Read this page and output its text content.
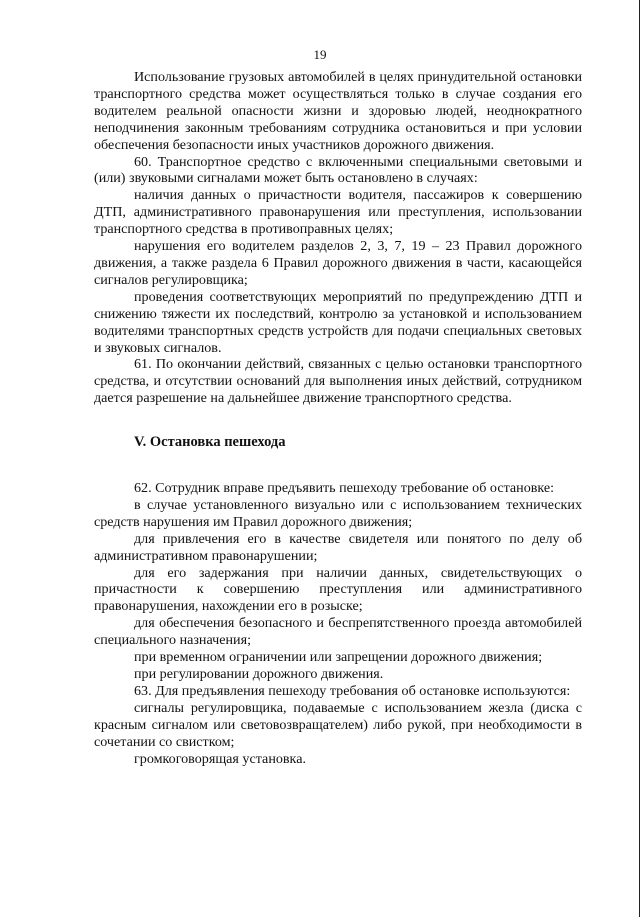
19

Использование грузовых автомобилей в целях принудительной остановки транспортного средства может осуществляться только в случае создания его водителем реальной опасности жизни и здоровью людей, неоднократного неподчинения законным требованиям сотрудника остановиться и при условии обеспечения безопасности иных участников дорожного движения.

60. Транспортное средство с включенными специальными световыми и (или) звуковыми сигналами может быть остановлено в случаях:

наличия данных о причастности водителя, пассажиров к совершению ДТП, административного правонарушения или преступления, использовании транспортного средства в противоправных целях;

нарушения его водителем разделов 2, 3, 7, 19 – 23 Правил дорожного движения, а также раздела 6 Правил дорожного движения в части, касающейся сигналов регулировщика;

проведения соответствующих мероприятий по предупреждению ДТП и снижению тяжести их последствий, контролю за установкой и использованием водителями транспортных средств устройств для подачи специальных световых и звуковых сигналов.

61. По окончании действий, связанных с целью остановки транспортного средства, и отсутствии оснований для выполнения иных действий, сотрудником дается разрешение на дальнейшее движение транспортного средства.

V. Остановка пешехода

62. Сотрудник вправе предъявить пешеходу требование об остановке:

в случае установленного визуально или с использованием технических средств нарушения им Правил дорожного движения;

для привлечения его в качестве свидетеля или понятого по делу об административном правонарушении;

для его задержания при наличии данных, свидетельствующих о причастности к совершению преступления или административного правонарушения, нахождении его в розыске;

для обеспечения безопасного и беспрепятственного проезда автомобилей специального назначения;

при временном ограничении или запрещении дорожного движения;

при регулировании дорожного движения.

63. Для предъявления пешеходу требования об остановке используются:

сигналы регулировщика, подаваемые с использованием жезла (диска с красным сигналом или световозвращателем) либо рукой, при необходимости в сочетании со свистком;

громкоговорящая установка.
